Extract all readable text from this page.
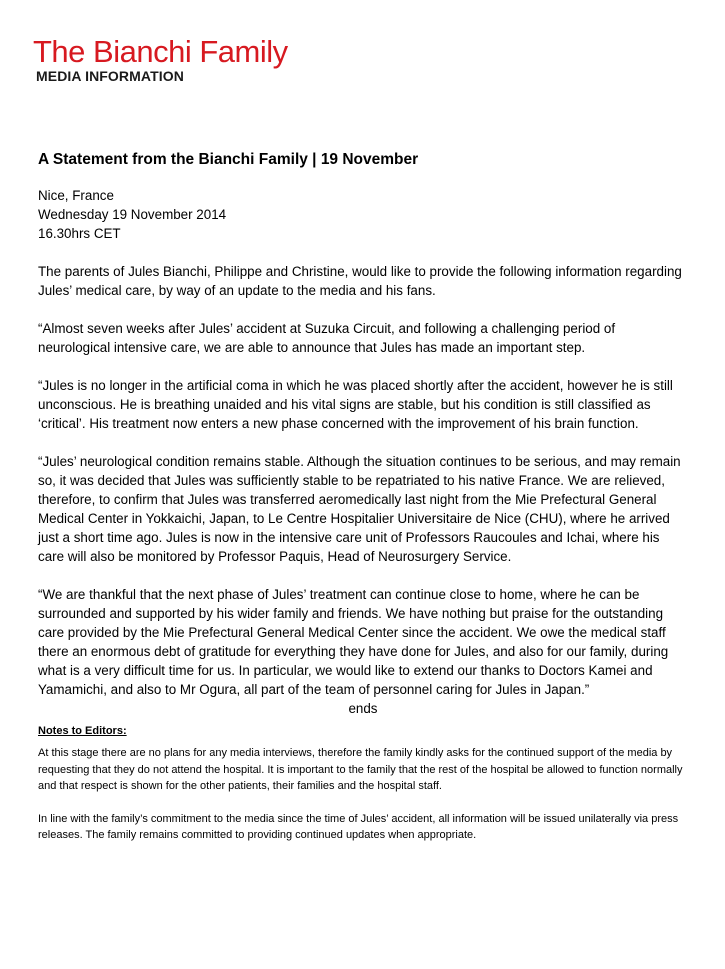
The Bianchi Family
MEDIA INFORMATION
A Statement from the Bianchi Family | 19 November

Nice, France
Wednesday 19 November 2014
16.30hrs CET

The parents of Jules Bianchi, Philippe and Christine, would like to provide the following information regarding Jules’ medical care, by way of an update to the media and his fans.

“Almost seven weeks after Jules’ accident at Suzuka Circuit, and following a challenging period of neurological intensive care, we are able to announce that Jules has made an important step.

“Jules is no longer in the artificial coma in which he was placed shortly after the accident, however he is still unconscious. He is breathing unaided and his vital signs are stable, but his condition is still classified as ‘critical’. His treatment now enters a new phase concerned with the improvement of his brain function.

“Jules’ neurological condition remains stable. Although the situation continues to be serious, and may remain so, it was decided that Jules was sufficiently stable to be repatriated to his native France. We are relieved, therefore, to confirm that Jules was transferred aeromedically last night from the Mie Prefectural General Medical Center in Yokkaichi, Japan, to Le Centre Hospitalier Universitaire de Nice (CHU), where he arrived just a short time ago. Jules is now in the intensive care unit of Professors Raucoules and Ichai, where his care will also be monitored by Professor Paquis, Head of Neurosurgery Service.

“We are thankful that the next phase of Jules’ treatment can continue close to home, where he can be surrounded and supported by his wider family and friends. We have nothing but praise for the outstanding care provided by the Mie Prefectural General Medical Center since the accident. We owe the medical staff there an enormous debt of gratitude for everything they have done for Jules, and also for our family, during what is a very difficult time for us. In particular, we would like to extend our thanks to Doctors Kamei and Yamamichi, and also to Mr Ogura, all part of the team of personnel caring for Jules in Japan.”

ends
Notes to Editors:

At this stage there are no plans for any media interviews, therefore the family kindly asks for the continued support of the media by requesting that they do not attend the hospital. It is important to the family that the rest of the hospital be allowed to function normally and that respect is shown for the other patients, their families and the hospital staff.

In line with the family’s commitment to the media since the time of Jules’ accident, all information will be issued unilaterally via press releases. The family remains committed to providing continued updates when appropriate.
